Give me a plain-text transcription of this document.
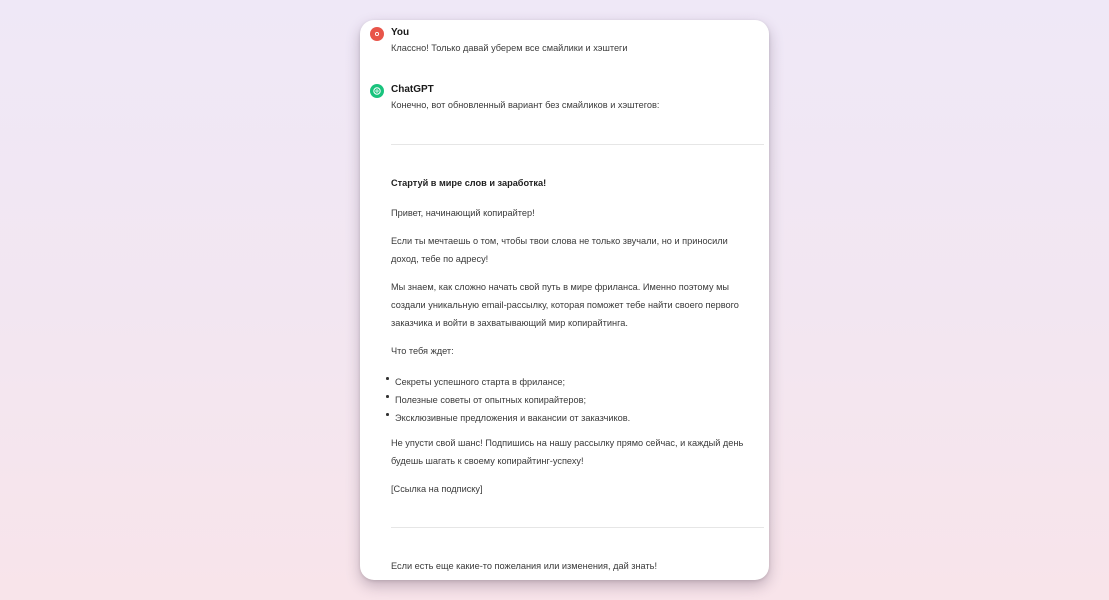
You
Классно! Только давай уберем все смайлики и хэштеги
ChatGPT
Конечно, вот обновленный вариант без смайликов и хэштегов:
Стартуй в мире слов и заработка!
Привет, начинающий копирайтер!
Если ты мечтаешь о том, чтобы твои слова не только звучали, но и приносили доход, тебе по адресу!
Мы знаем, как сложно начать свой путь в мире фриланса. Именно поэтому мы создали уникальную email-рассылку, которая поможет тебе найти своего первого заказчика и войти в захватывающий мир копирайтинга.
Что тебя ждет:
Секреты успешного старта в фрилансе;
Полезные советы от опытных копирайтеров;
Эксклюзивные предложения и вакансии от заказчиков.
Не упусти свой шанс! Подпишись на нашу рассылку прямо сейчас, и каждый день будешь шагать к своему копирайтинг-успеху!
[Ссылка на подписку]
Если есть еще какие-то пожелания или изменения, дай знать!
